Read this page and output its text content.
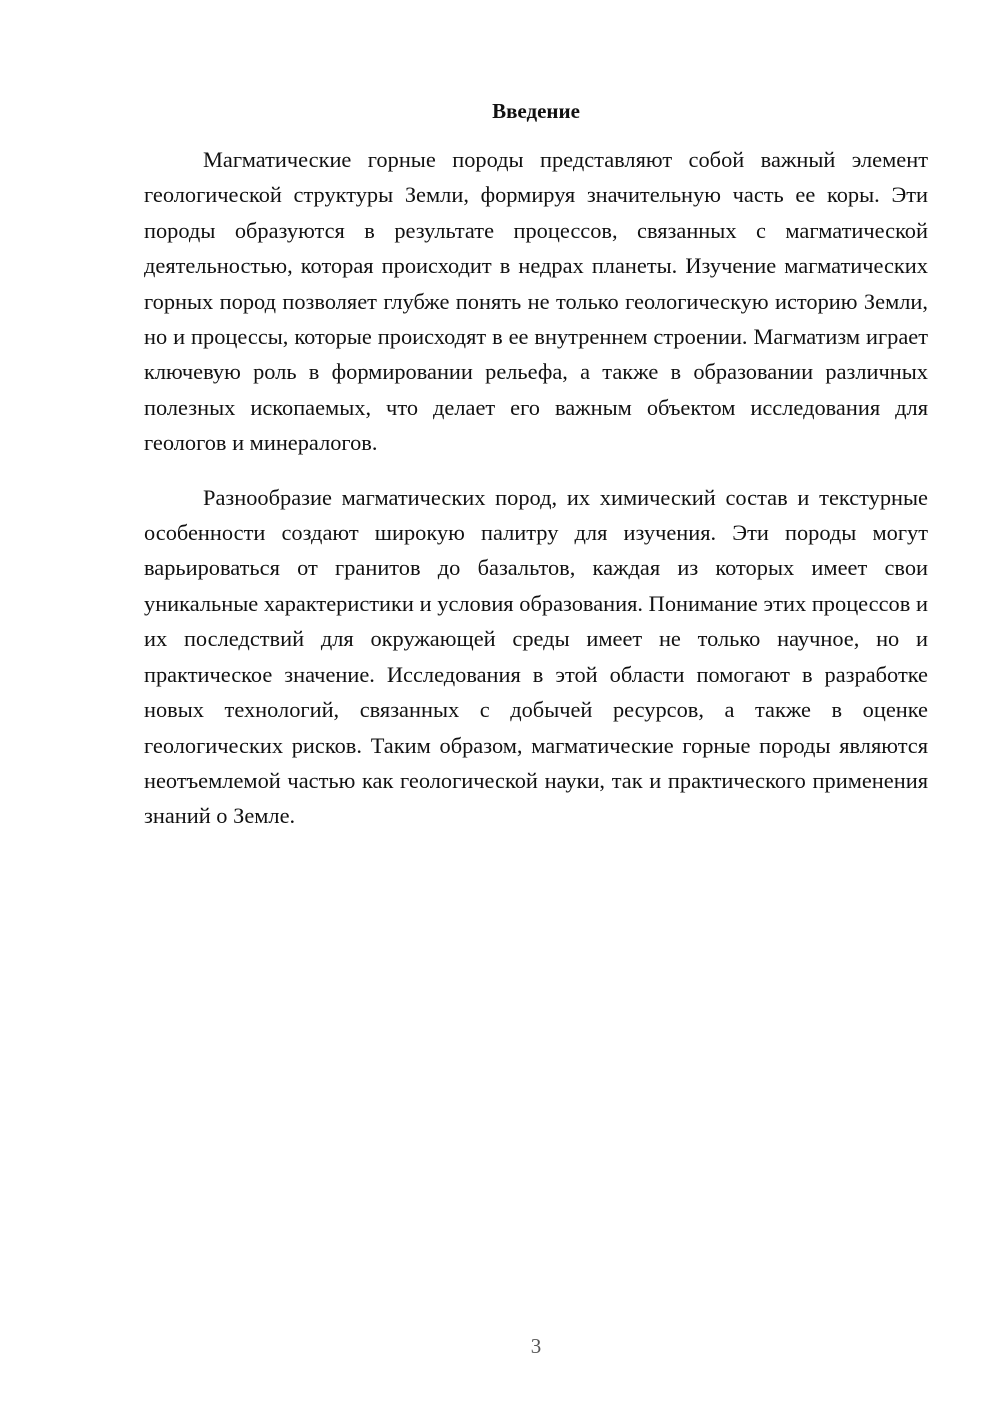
Введение

Магматические горные породы представляют собой важный элемент геологической структуры Земли, формируя значительную часть ее коры. Эти породы образуются в результате процессов, связанных с магматической деятельностью, которая происходит в недрах планеты. Изучение магматических горных пород позволяет глубже понять не только геологическую историю Земли, но и процессы, которые происходят в ее внутреннем строении. Магматизм играет ключевую роль в формировании рельефа, а также в образовании различных полезных ископаемых, что делает его важным объектом исследования для геологов и минералогов.

Разнообразие магматических пород, их химический состав и текстурные особенности создают широкую палитру для изучения. Эти породы могут варьироваться от гранитов до базальтов, каждая из которых имеет свои уникальные характеристики и условия образования. Понимание этих процессов и их последствий для окружающей среды имеет не только научное, но и практическое значение. Исследования в этой области помогают в разработке новых технологий, связанных с добычей ресурсов, а также в оценке геологических рисков. Таким образом, магматические горные породы являются неотъемлемой частью как геологической науки, так и практического применения знаний о Земле.

3
